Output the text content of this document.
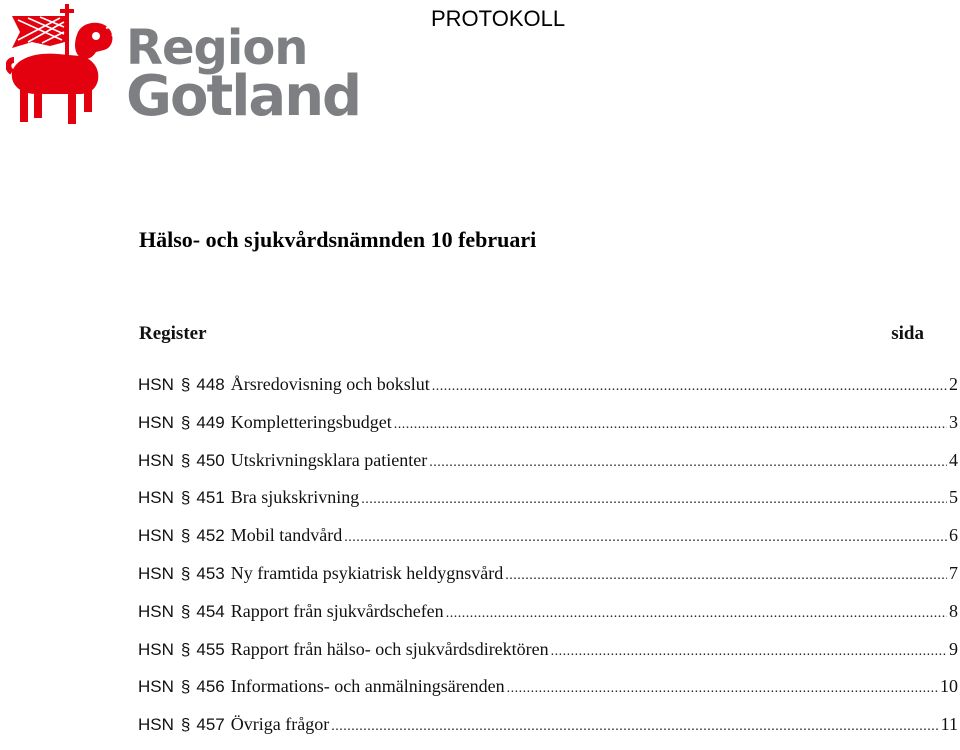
Region
Gotland
PROTOKOLL
Hälso- och sjukvårdsnämnden 10 februari
Register	sida
HSN § 448 Årsredovisning och bokslut .....	2
HSN § 449 Kompletteringsbudget .....	3
HSN § 450 Utskrivningsklara patienter .....	4
HSN § 451 Bra sjukskrivning .....	5
HSN § 452 Mobil tandvård .....	6
HSN § 453 Ny framtida psykiatrisk heldygnsvård .....	7
HSN § 454 Rapport från sjukvårdschefen .....	8
HSN § 455 Rapport från hälso- och sjukvårdsdirektören .....	9
HSN § 456 Informations- och anmälningsärenden .....	10
HSN § 457 Övriga frågor .....	11
